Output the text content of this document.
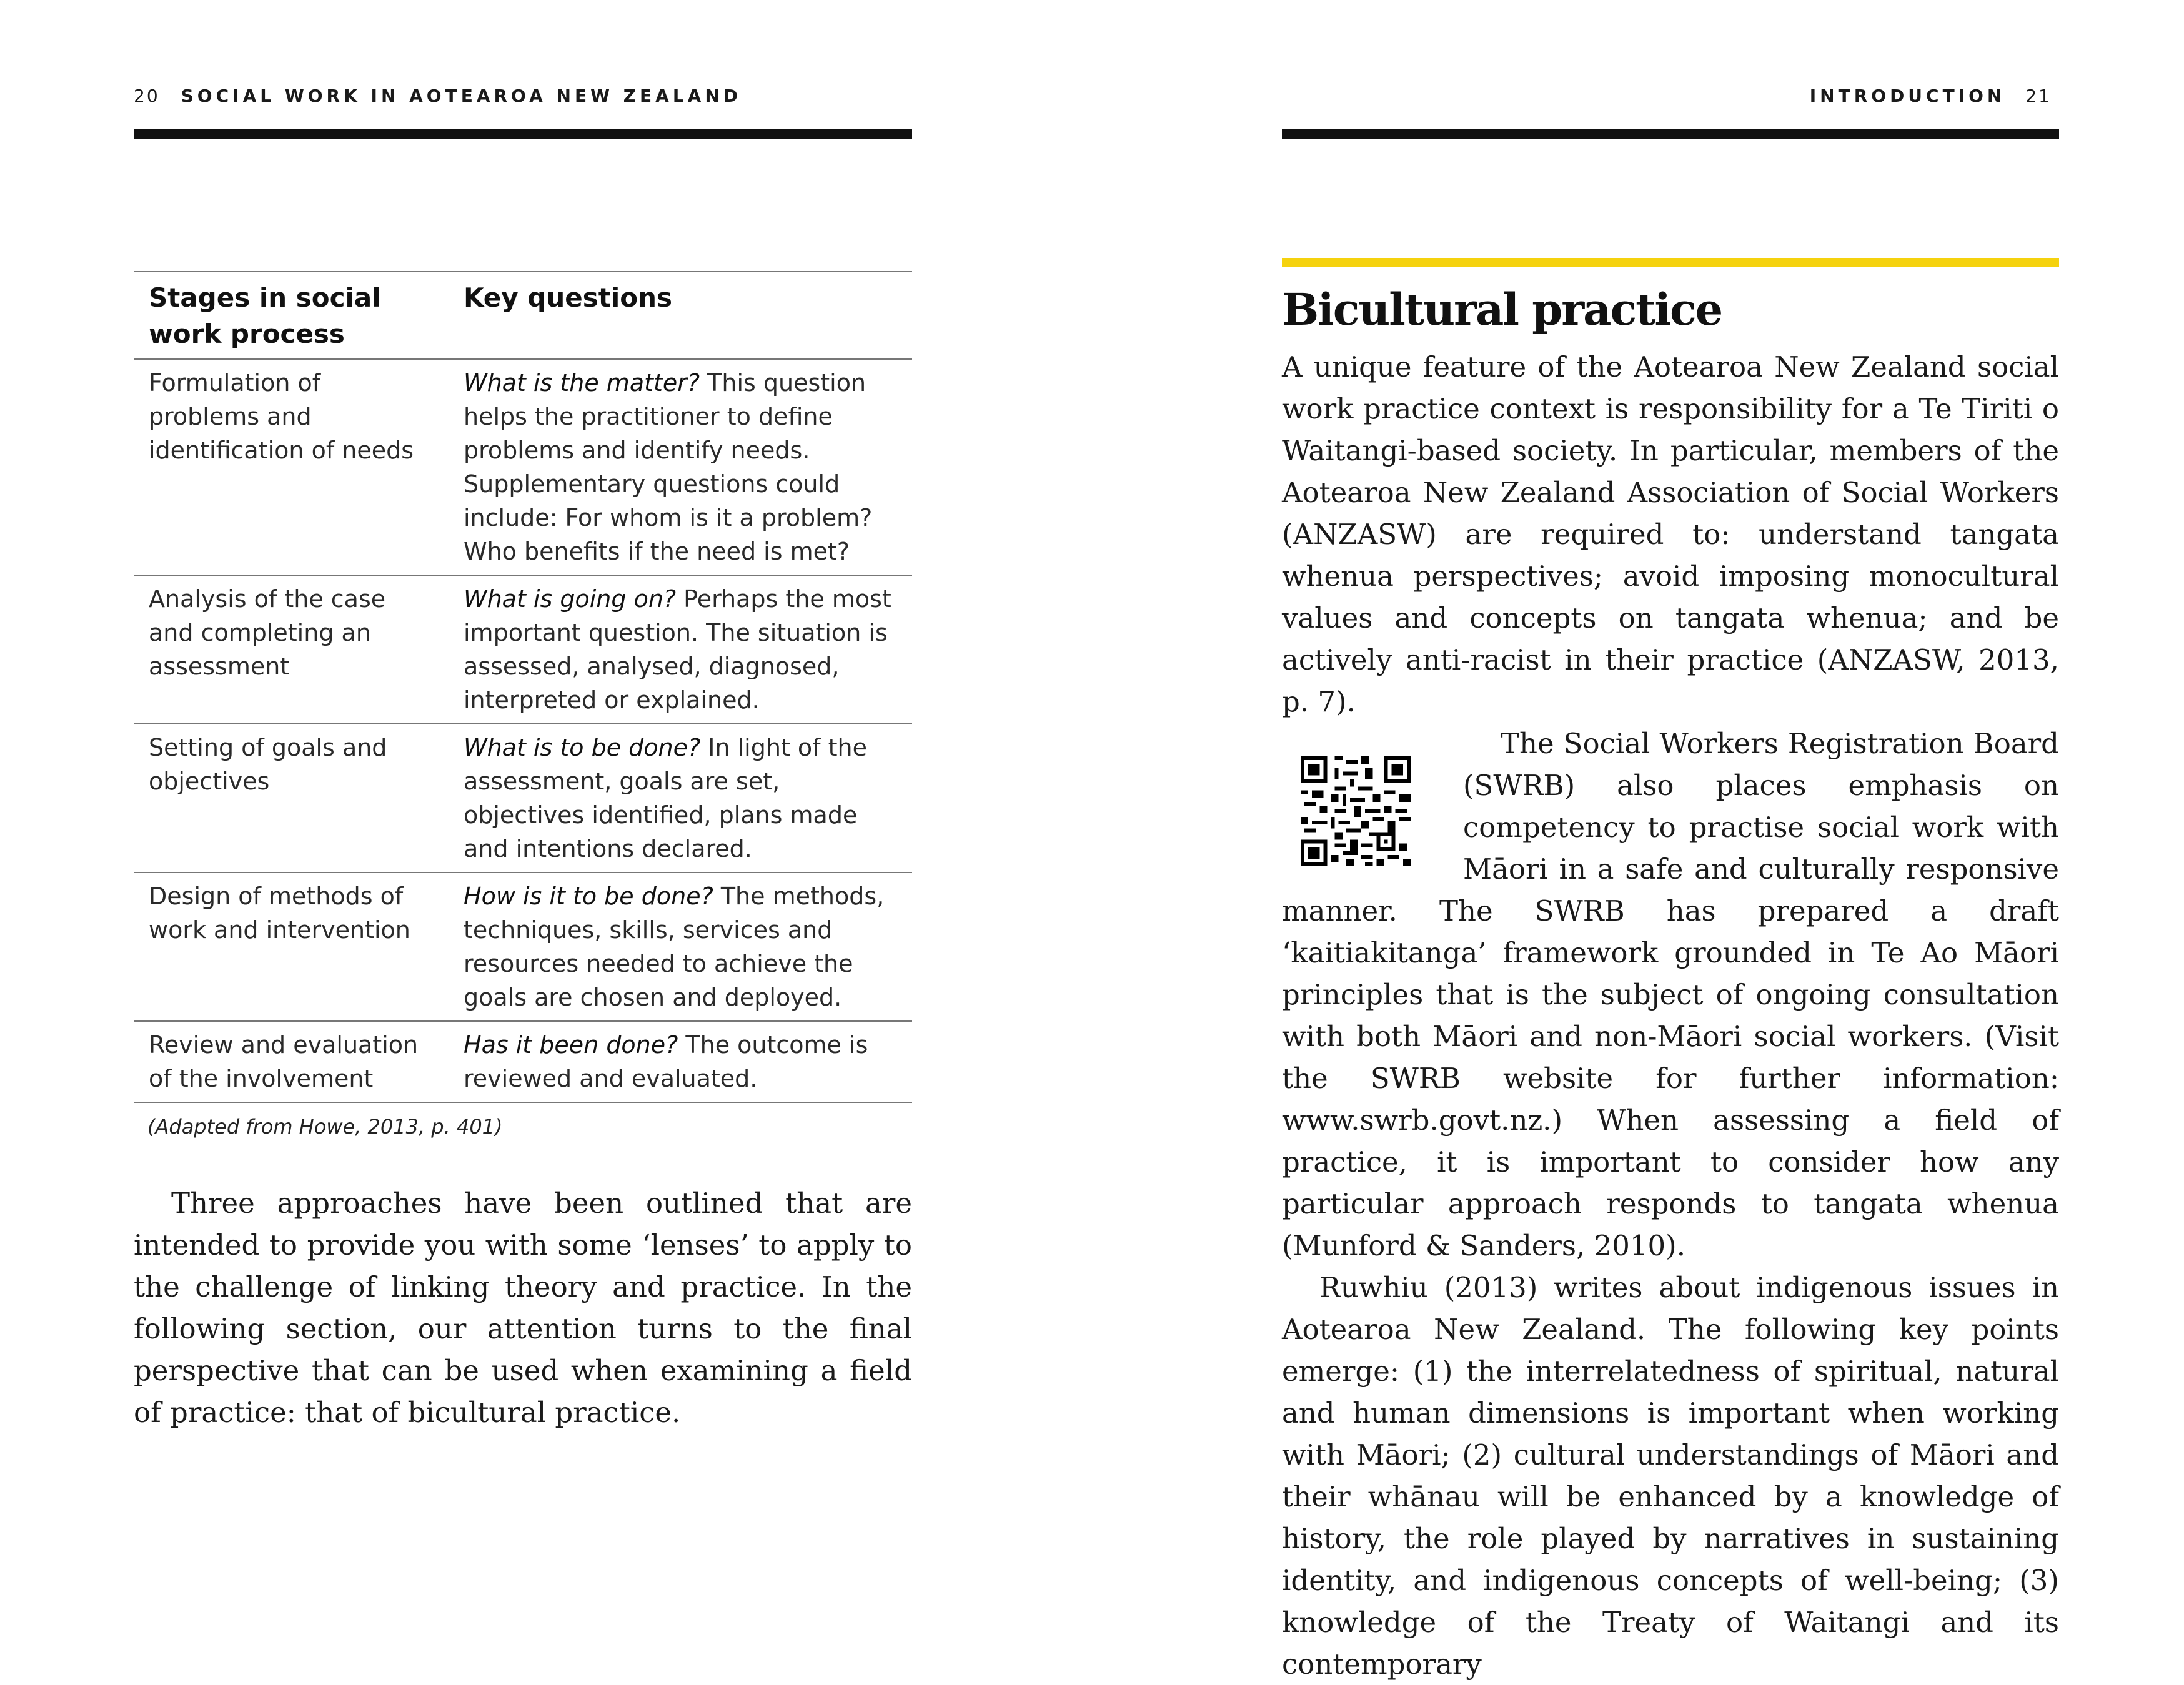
20 SOCIAL WORK IN AOTEAROA NEW ZEALAND
Stages in social work process	Key questions
Formulation of problems and identification of needs	What is the matter? This question helps the practitioner to define problems and identify needs. Supplementary questions could include: For whom is it a problem? Who benefits if the need is met?
Analysis of the case and completing an assessment	What is going on? Perhaps the most important question. The situation is assessed, analysed, diagnosed, interpreted or explained.
Setting of goals and objectives	What is to be done? In light of the assessment, goals are set, objectives identified, plans made and intentions declared.
Design of methods of work and intervention	How is it to be done? The methods, techniques, skills, services and resources needed to achieve the goals are chosen and deployed.
Review and evaluation of the involvement	Has it been done? The outcome is reviewed and evaluated.
(Adapted from Howe, 2013, p. 401)

Three approaches have been outlined that are intended to provide you with some ‘lenses’ to apply to the challenge of linking theory and practice. In the following section, our attention turns to the final perspective that can be used when examining a field of practice: that of bicultural practice.

INTRODUCTION 21
Bicultural practice

A unique feature of the Aotearoa New Zealand social work practice context is responsibility for a Te Tiriti o Waitangi-based society. In particular, members of the Aotearoa New Zealand Association of Social Workers (ANZASW) are required to: understand tangata whenua perspectives; avoid imposing monocultural values and concepts on tangata whenua; and be actively anti-racist in their practice (ANZASW, 2013, p. 7).

The Social Workers Registration Board (SWRB) also places emphasis on competency to practise social work with Māori in a safe and culturally responsive manner. The SWRB has prepared a draft ‘kaitiakitanga’ framework grounded in Te Ao Māori principles that is the subject of ongoing consultation with both Māori and non-Māori social workers. (Visit the SWRB website for further information: www.swrb.govt.nz.) When assessing a field of practice, it is important to consider how any particular approach responds to tangata whenua (Munford & Sanders, 2010).

Ruwhiu (2013) writes about indigenous issues in Aotearoa New Zealand. The following key points emerge: (1) the interrelatedness of spiritual, natural and human dimensions is important when working with Māori; (2) cultural understandings of Māori and their whānau will be enhanced by a knowledge of history, the role played by narratives in sustaining identity, and indigenous concepts of well-being; (3) knowledge of the Treaty of Waitangi and its contemporary
